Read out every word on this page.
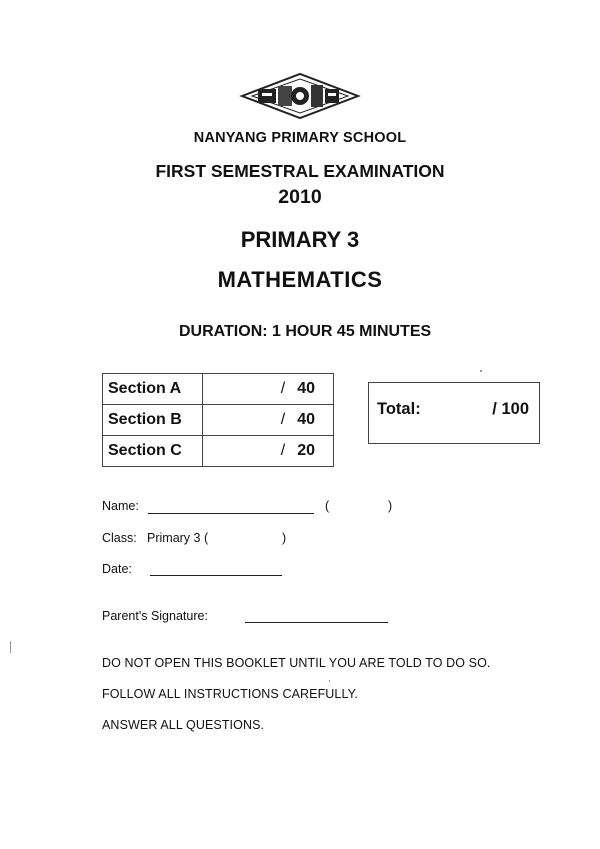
NANYANG PRIMARY SCHOOL
FIRST SEMESTRAL EXAMINATION
2010
PRIMARY 3
MATHEMATICS
DURATION: 1 HOUR 45 MINUTES
Section A	/ 40
Section B	/ 40
Section C	/ 20
Total:	/ 100
Name:	(	)
Class: Primary 3 (	)
Date:
Parent's Signature:
DO NOT OPEN THIS BOOKLET UNTIL YOU ARE TOLD TO DO SO.
FOLLOW ALL INSTRUCTIONS CAREFULLY.
ANSWER ALL QUESTIONS.
